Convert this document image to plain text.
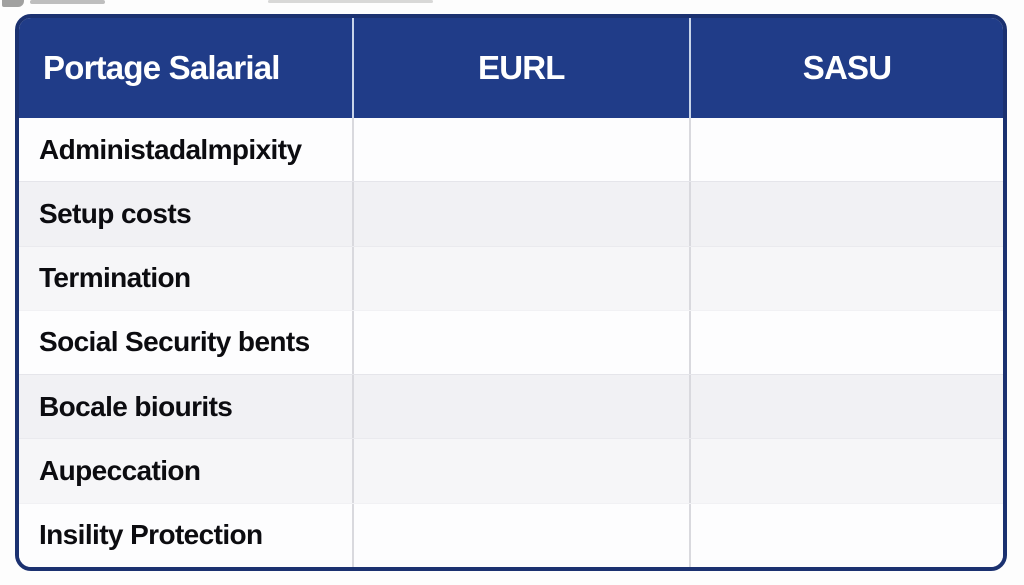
Portage Salarial	EURL	SASU
Administadalmpixity
Setup costs
Termination
Social Security bents
Bocale biourits
Aupeccation
Insility Protection
